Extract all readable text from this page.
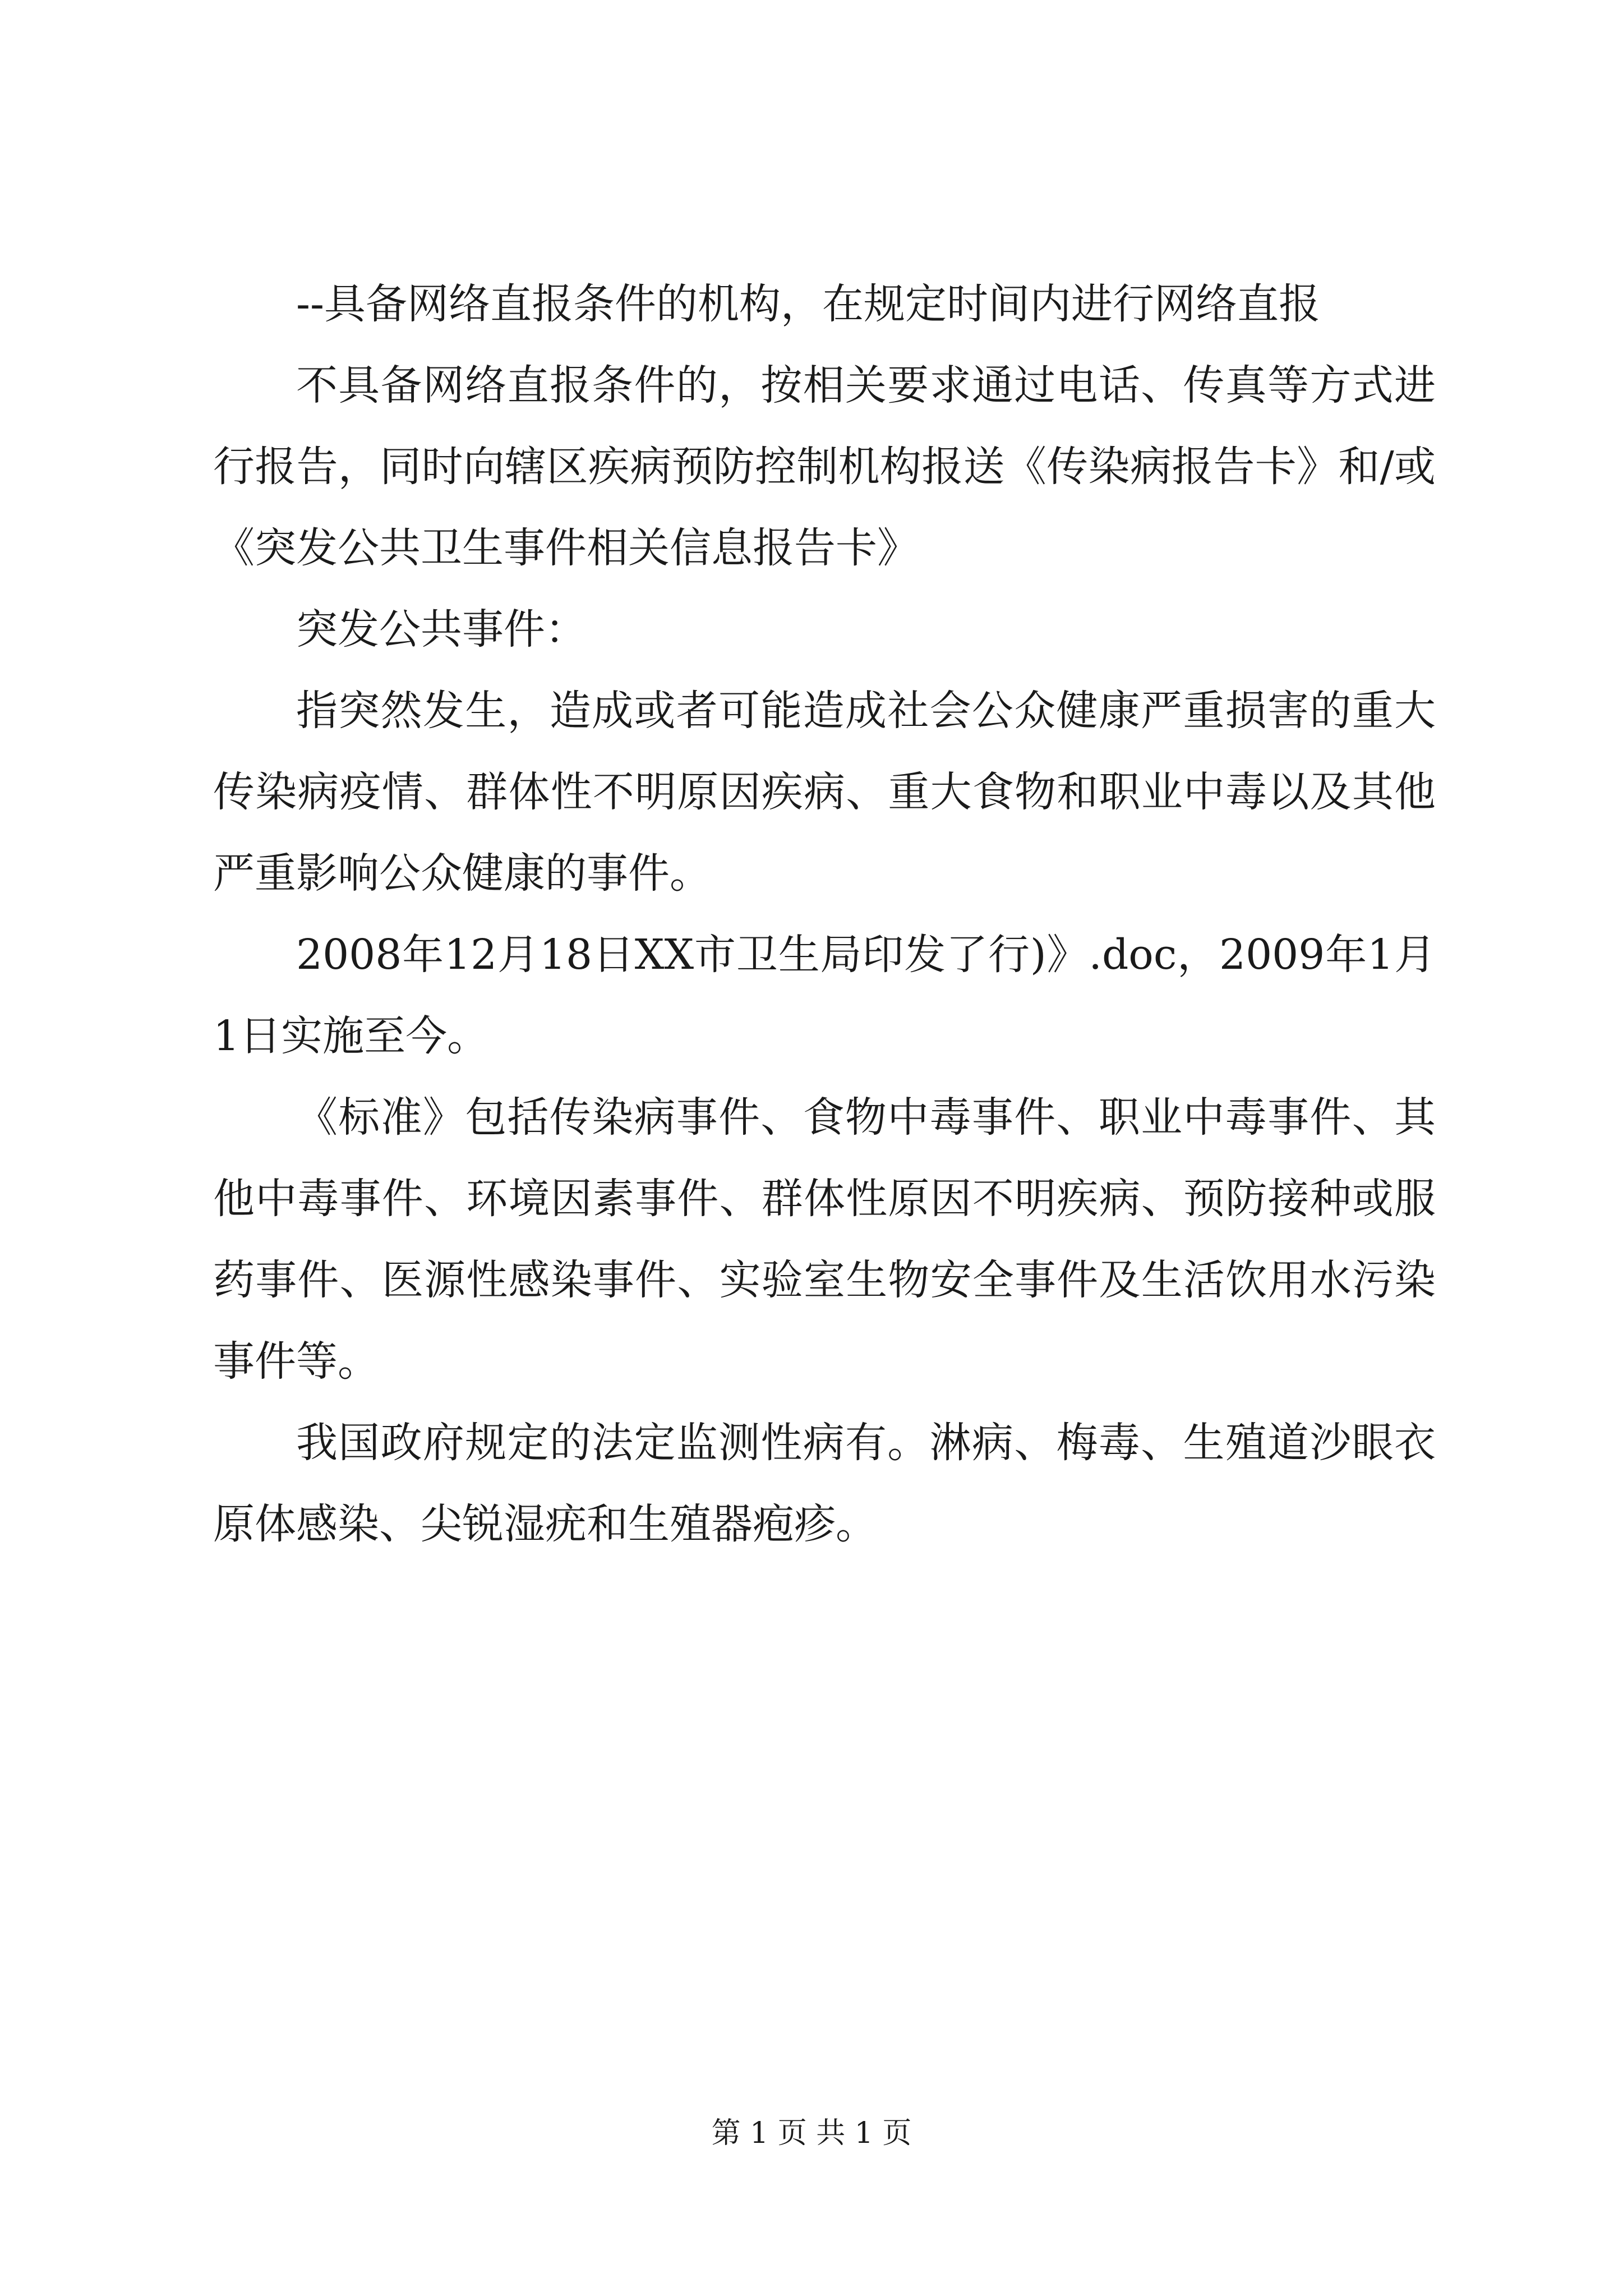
--具备网络直报条件的机构，在规定时间内进行网络直报

不具备网络直报条件的，按相关要求通过电话、传真等方式进行报告，同时向辖区疾病预防控制机构报送《传染病报告卡》和/或《突发公共卫生事件相关信息报告卡》

突发公共事件：

指突然发生，造成或者可能造成社会公众健康严重损害的重大传染病疫情、群体性不明原因疾病、重大食物和职业中毒以及其他严重影响公众健康的事件。

2008年12月18日XX市卫生局印发了行)》.doc，2009年1月1日实施至今。

《标准》包括传染病事件、食物中毒事件、职业中毒事件、其他中毒事件、环境因素事件、群体性原因不明疾病、预防接种或服药事件、医源性感染事件、实验室生物安全事件及生活饮用水污染事件等。

我国政府规定的法定监测性病有。淋病、梅毒、生殖道沙眼衣原体感染、尖锐湿疣和生殖器疱疹。

第 1 页 共 1 页
